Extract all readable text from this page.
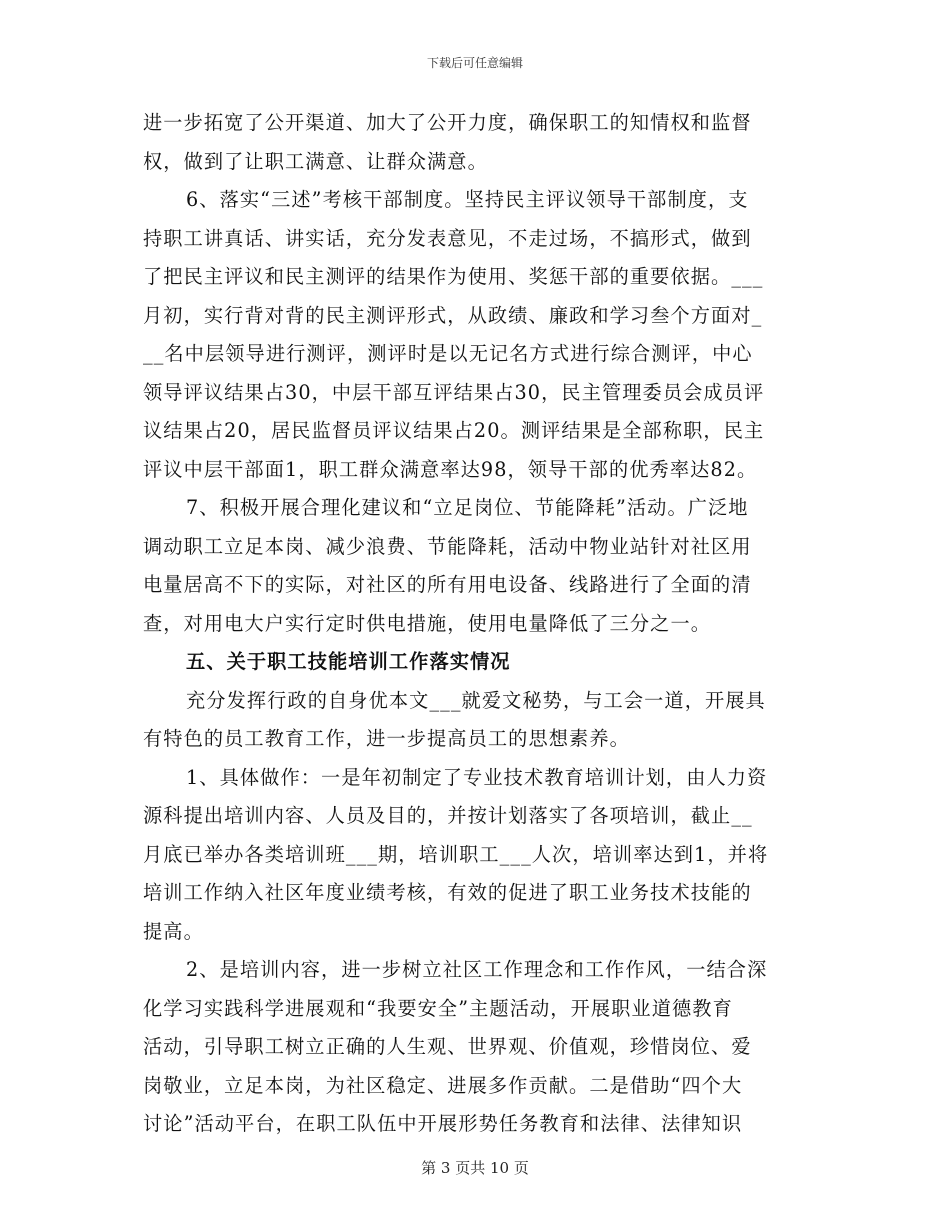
下载后可任意编辑
进一步拓宽了公开渠道、加大了公开力度，确保职工的知情权和监督
权，做到了让职工满意、让群众满意。
6、落实“三述”考核干部制度。坚持民主评议领导干部制度，支
持职工讲真话、讲实话，充分发表意见，不走过场，不搞形式，做到
了把民主评议和民主测评的结果作为使用、奖惩干部的重要依据。___
月初，实行背对背的民主测评形式，从政绩、廉政和学习叁个方面对_
__名中层领导进行测评，测评时是以无记名方式进行综合测评，中心
领导评议结果占30，中层干部互评结果占30，民主管理委员会成员评
议结果占20，居民监督员评议结果占20。测评结果是全部称职，民主
评议中层干部面1，职工群众满意率达98，领导干部的优秀率达82。
7、积极开展合理化建议和“立足岗位、节能降耗”活动。广泛地
调动职工立足本岗、减少浪费、节能降耗，活动中物业站针对社区用
电量居高不下的实际，对社区的所有用电设备、线路进行了全面的清
查，对用电大户实行定时供电措施，使用电量降低了三分之一。
五、关于职工技能培训工作落实情况
充分发挥行政的自身优本文___就爱文秘势，与工会一道，开展具
有特色的员工教育工作，进一步提高员工的思想素养。
1、具体做作：一是年初制定了专业技术教育培训计划，由人力资
源科提出培训内容、人员及目的，并按计划落实了各项培训，截止__
月底已举办各类培训班___期，培训职工___人次，培训率达到1，并将
培训工作纳入社区年度业绩考核，有效的促进了职工业务技术技能的
提高。
2、是培训内容，进一步树立社区工作理念和工作作风，一结合深
化学习实践科学进展观和“我要安全”主题活动，开展职业道德教育
活动，引导职工树立正确的人生观、世界观、价值观，珍惜岗位、爱
岗敬业，立足本岗，为社区稳定、进展多作贡献。二是借助“四个大
讨论”活动平台，在职工队伍中开展形势任务教育和法律、法律知识
第 3 页共 10 页
